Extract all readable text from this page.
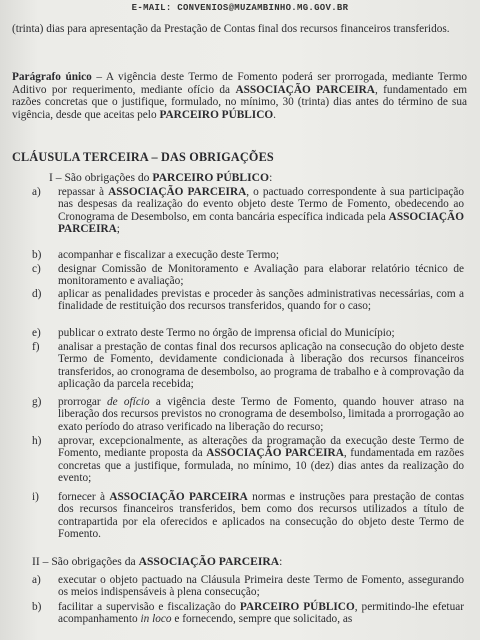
E-MAIL: CONVENIOS@MUZAMBINHO.MG.GOV.BR
(trinta) dias para apresentação da Prestação de Contas final dos recursos financeiros transferidos.
Parágrafo único – A vigência deste Termo de Fomento poderá ser prorrogada, mediante Termo Aditivo por requerimento, mediante ofício da ASSOCIAÇÃO PARCEIRA, fundamentado em razões concretas que o justifique, formulado, no mínimo, 30 (trinta) dias antes do término de sua vigência, desde que aceitas pelo PARCEIRO PÚBLICO.
CLÁUSULA TERCEIRA – DAS OBRIGAÇÕES
I – São obrigações do PARCEIRO PÚBLICO:
a) repassar à ASSOCIAÇÃO PARCEIRA, o pactuado correspondente à sua participação nas despesas da realização do evento objeto deste Termo de Fomento, obedecendo ao Cronograma de Desembolso, em conta bancária específica indicada pela ASSOCIAÇÃO PARCEIRA;
b) acompanhar e fiscalizar a execução deste Termo;
c) designar Comissão de Monitoramento e Avaliação para elaborar relatório técnico de monitoramento e avaliação;
d) aplicar as penalidades previstas e proceder às sanções administrativas necessárias, com a finalidade de restituição dos recursos transferidos, quando for o caso;
e) publicar o extrato deste Termo no órgão de imprensa oficial do Município;
f) analisar a prestação de contas final dos recursos aplicação na consecução do objeto deste Termo de Fomento, devidamente condicionada à liberação dos recursos financeiros transferidos, ao cronograma de desembolso, ao programa de trabalho e à comprovação da aplicação da parcela recebida;
g) prorrogar de ofício a vigência deste Termo de Fomento, quando houver atraso na liberação dos recursos previstos no cronograma de desembolso, limitada a prorrogação ao exato período do atraso verificado na liberação do recurso;
h) aprovar, excepcionalmente, as alterações da programação da execução deste Termo de Fomento, mediante proposta da ASSOCIAÇÃO PARCEIRA, fundamentada em razões concretas que a justifique, formulada, no mínimo, 10 (dez) dias antes da realização do evento;
i) fornecer à ASSOCIAÇÃO PARCEIRA normas e instruções para prestação de contas dos recursos financeiros transferidos, bem como dos recursos utilizados a título de contrapartida por ela oferecidos e aplicados na consecução do objeto deste Termo de Fomento.
II – São obrigações da ASSOCIAÇÃO PARCEIRA:
a) executar o objeto pactuado na Cláusula Primeira deste Termo de Fomento, assegurando os meios indispensáveis à plena consecução;
b) facilitar a supervisão e fiscalização do PARCEIRO PÚBLICO, permitindo-lhe efetuar acompanhamento in loco e fornecendo, sempre que solicitado, as
